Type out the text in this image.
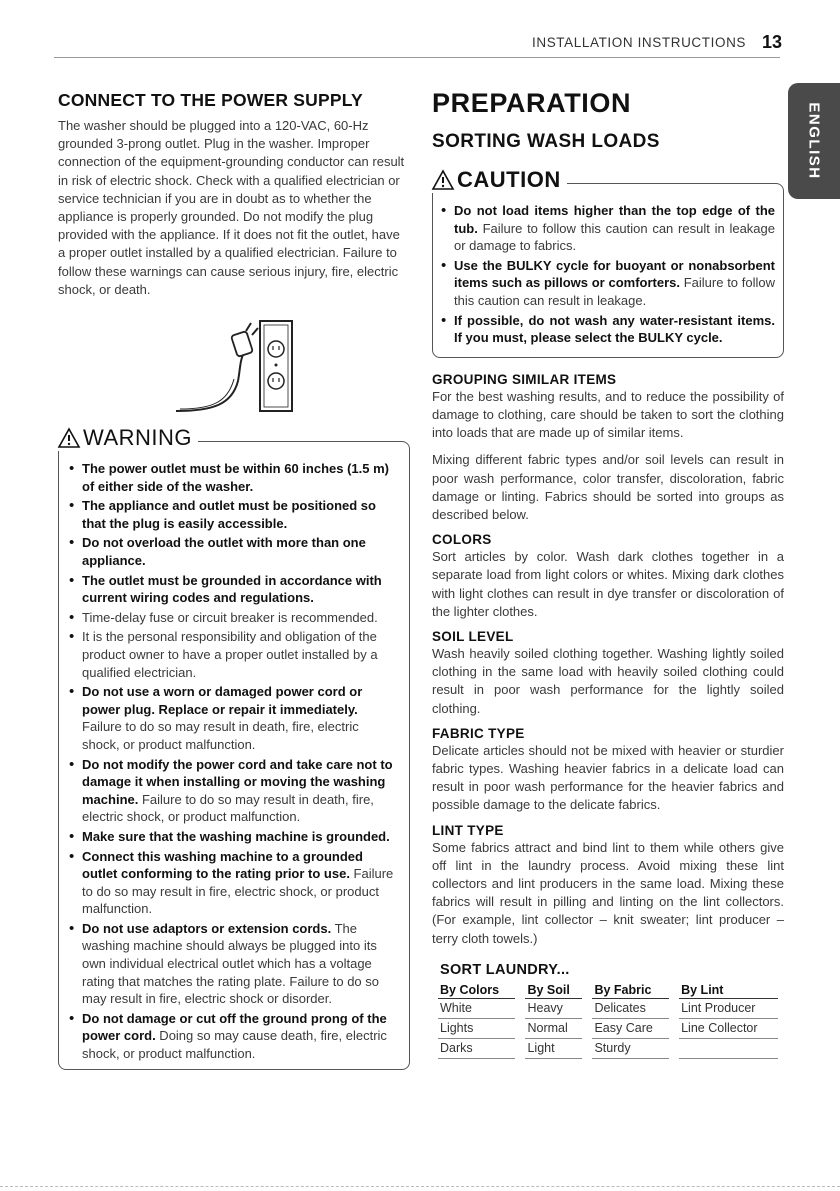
INSTALLATION INSTRUCTIONS 13
ENGLISH
CONNECT TO THE POWER SUPPLY

The washer should be plugged into a 120-VAC, 60-Hz grounded 3-prong outlet. Plug in the washer. Improper connection of the equipment-grounding conductor can result in risk of electric shock. Check with a qualified electrician or service technician if you are in doubt as to whether the appliance is properly grounded. Do not modify the plug provided with the appliance. If it does not fit the outlet, have a proper outlet installed by a qualified electrician. Failure to follow these warnings can cause serious injury, fire, electric shock, or death.

WARNING
• The power outlet must be within 60 inches (1.5 m) of either side of the washer.
• The appliance and outlet must be positioned so that the plug is easily accessible.
• Do not overload the outlet with more than one appliance.
• The outlet must be grounded in accordance with current wiring codes and regulations.
• Time-delay fuse or circuit breaker is recommended.
• It is the personal responsibility and obligation of the product owner to have a proper outlet installed by a qualified electrician.
• Do not use a worn or damaged power cord or power plug. Replace or repair it immediately. Failure to do so may result in death, fire, electric shock, or product malfunction.
• Do not modify the power cord and take care not to damage it when installing or moving the washing machine. Failure to do so may result in death, fire, electric shock, or product malfunction.
• Make sure that the washing machine is grounded.
• Connect this washing machine to a grounded outlet conforming to the rating prior to use. Failure to do so may result in fire, electric shock, or product malfunction.
• Do not use adaptors or extension cords. The washing machine should always be plugged into its own individual electrical outlet which has a voltage rating that matches the rating plate. Failure to do so may result in fire, electric shock or disorder.
• Do not damage or cut off the ground prong of the power cord. Doing so may cause death, fire, electric shock, or product malfunction.
PREPARATION
SORTING WASH LOADS
CAUTION
• Do not load items higher than the top edge of the tub. Failure to follow this caution can result in leakage or damage to fabrics.
• Use the BULKY cycle for buoyant or nonabsorbent items such as pillows or comforters. Failure to follow this caution can result in leakage.
• If possible, do not wash any water-resistant items. If you must, please select the BULKY cycle.
GROUPING SIMILAR ITEMS

For the best washing results, and to reduce the possibility of damage to clothing, care should be taken to sort the clothing into loads that are made up of similar items.

Mixing different fabric types and/or soil levels can result in poor wash performance, color transfer, discoloration, fabric damage or linting. Fabrics should be sorted into groups as described below.

COLORS

Sort articles by color. Wash dark clothes together in a separate load from light colors or whites. Mixing dark clothes with light clothes can result in dye transfer or discoloration of the lighter clothes.

SOIL LEVEL

Wash heavily soiled clothing together. Washing lightly soiled clothing in the same load with heavily soiled clothing could result in poor wash performance for the lightly soiled clothing.

FABRIC TYPE

Delicate articles should not be mixed with heavier or sturdier fabric types. Washing heavier fabrics in a delicate load can result in poor wash performance for the heavier fabrics and possible damage to the delicate fabrics.

LINT TYPE

Some fabrics attract and bind lint to them while others give off lint in the laundry process. Avoid mixing these lint collectors and lint producers in the same load. Mixing these fabrics will result in pilling and linting on the lint collectors. (For example, lint collector – knit sweater; lint producer – terry cloth towels.)

SORT LAUNDRY...
By Colors		By Soil		By Fabric		By Lint
White		Heavy		Delicates		Lint Producer
Lights		Normal		Easy Care		Line Collector
Darks		Light		Sturdy		
